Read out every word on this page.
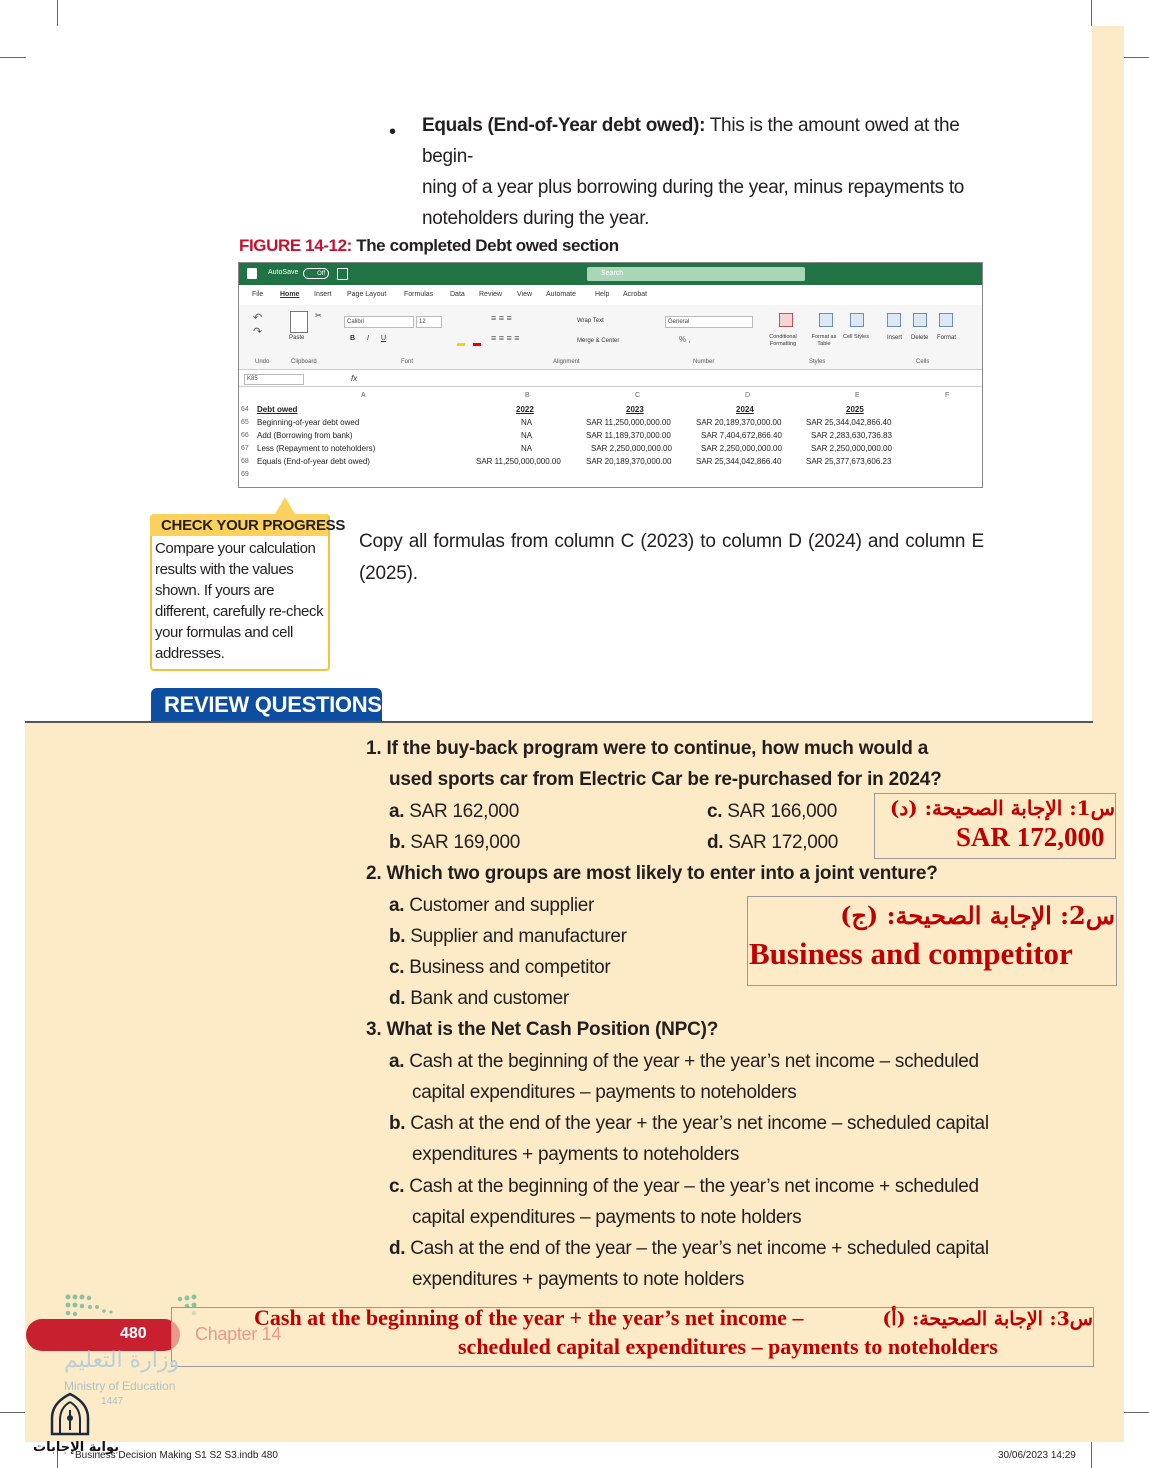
• Equals (End-of-Year debt owed): This is the amount owed at the begin-
ning of a year plus borrowing during the year, minus repayments to
noteholders during the year.
FIGURE 14-12: The completed Debt owed section
AutoSave	Off	Search
File Home Insert Page Layout	Formulas Data Review View Automate	Help Acrobat
↶
↷	Paste
✂
Calibri	12
B I U
≡ ≡ ≡
≡ ≡ ≡ ≡
Wrap Text
Merge & Center
General
% ,	Conditional Formatting
Format as Table
Cell Styles	Insert Delete Format
Undo	Clipboard	Font	Alignment	Number	Styles	Cells
K85	fx
A	B	C	D	E	F
64 Debt owed	2022	2023	2024	2025
65 Beginning-of-year debt owed	NA	SAR 11,250,000,000.00	SAR 20,189,370,000.00	SAR 25,344,042,866.40
66 Add (Borrowing from bank)	NA	SAR 11,189,370,000.00	SAR 7,404,672,866.40	SAR 2,283,630,736.83
67 Less (Repayment to noteholders)	NA	SAR 2,250,000,000.00	SAR 2,250,000,000.00	SAR 2,250,000,000.00
68 Equals (End-of-year debt owed)	SAR 11,250,000,000.00	SAR 20,189,370,000.00	SAR 25,344,042,866.40	SAR 25,377,673,606.23
69
CHECK YOUR PROGRESS
Compare your calculation
results with the values
shown. If yours are
different, carefully re-check
your formulas and cell
addresses.
Copy all formulas from column C (2023) to column D (2024) and column E (2025).
REVIEW QUESTIONS
1. If the buy-back program were to continue, how much would a
used sports car from Electric Car be re-purchased for in 2024?
a. SAR 162,000
b. SAR 169,000
c. SAR 166,000
d. SAR 172,000
س1: الإجابة الصحيحة: (د)
SAR 172,000
2. Which two groups are most likely to enter into a joint venture?
a. Customer and supplier
b. Supplier and manufacturer
c. Business and competitor
d. Bank and customer
س2: الإجابة الصحيحة: (ج)
Business and competitor
3. What is the Net Cash Position (NPC)?
a. Cash at the beginning of the year + the year’s net income – scheduled
capital expenditures – payments to noteholders
b. Cash at the end of the year + the year’s net income – scheduled capital
expenditures + payments to noteholders
c. Cash at the beginning of the year – the year’s net income + scheduled
capital expenditures – payments to note holders
d. Cash at the end of the year – the year’s net income + scheduled capital
expenditures + payments to note holders
480
س3: الإجابة الصحيحة: (أ)
Cash at the beginning of the year + the year’s net income –
scheduled capital expenditures – payments to noteholders
وزارة التعليم
Ministry of Education
1447
بوابة الإجابات
Business Decision Making S1 S2 S3.indb 480	30/06/2023 14:29
